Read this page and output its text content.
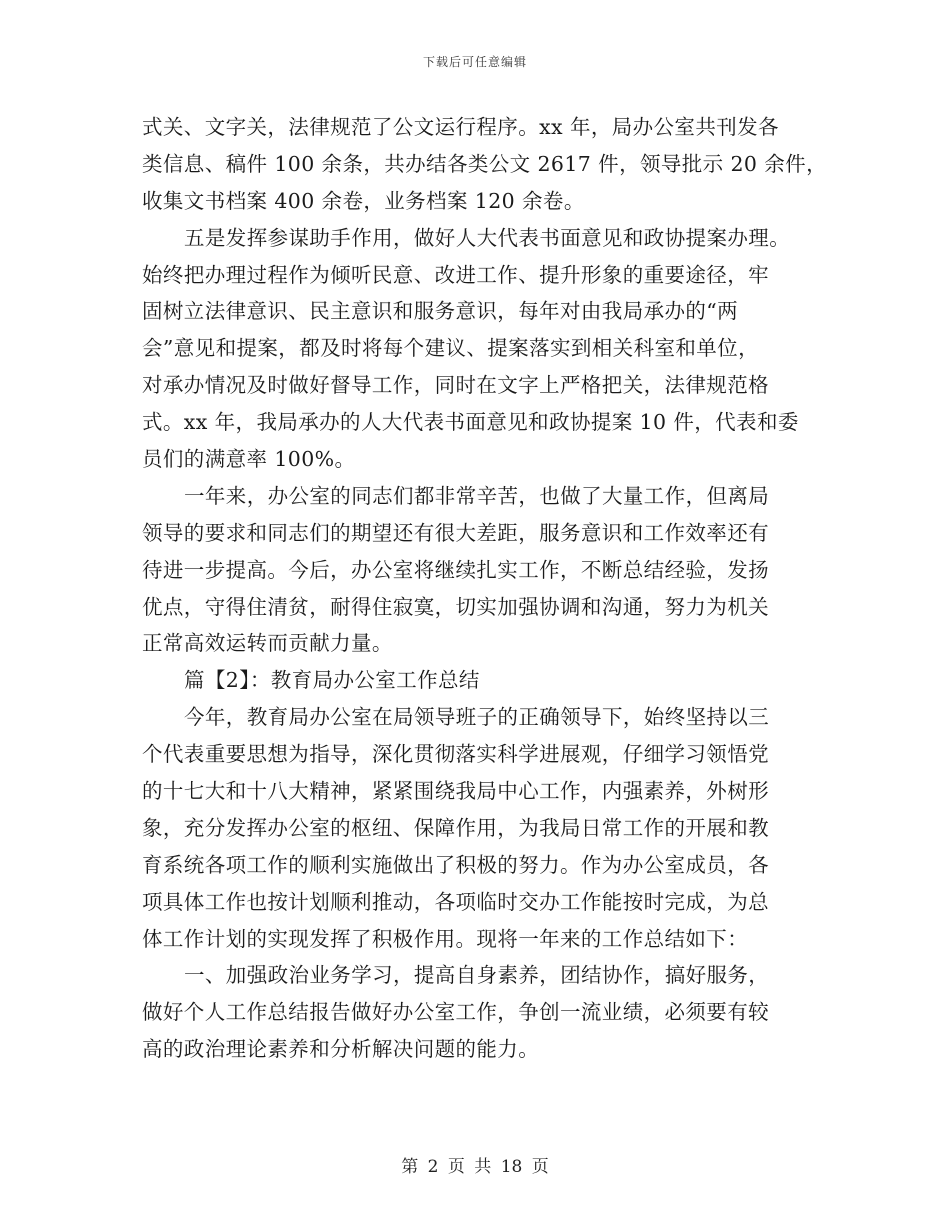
下载后可任意编辑
式关、文字关，法律规范了公文运行程序。xx 年，局办公室共刊发各
类信息、稿件 100 余条，共办结各类公文 2617 件，领导批示 20 余件，
收集文书档案 400 余卷，业务档案 120 余卷。
五是发挥参谋助手作用，做好人大代表书面意见和政协提案办理。
始终把办理过程作为倾听民意、改进工作、提升形象的重要途径，牢
固树立法律意识、民主意识和服务意识，每年对由我局承办的“两
会”意见和提案，都及时将每个建议、提案落实到相关科室和单位，
对承办情况及时做好督导工作，同时在文字上严格把关，法律规范格
式。xx 年，我局承办的人大代表书面意见和政协提案 10 件，代表和委
员们的满意率 100%。
一年来，办公室的同志们都非常辛苦，也做了大量工作，但离局
领导的要求和同志们的期望还有很大差距，服务意识和工作效率还有
待进一步提高。今后，办公室将继续扎实工作，不断总结经验，发扬
优点，守得住清贫，耐得住寂寞，切实加强协调和沟通，努力为机关
正常高效运转而贡献力量。
篇【2】：教育局办公室工作总结
今年，教育局办公室在局领导班子的正确领导下，始终坚持以三
个代表重要思想为指导，深化贯彻落实科学进展观，仔细学习领悟党
的十七大和十八大精神，紧紧围绕我局中心工作，内强素养，外树形
象，充分发挥办公室的枢纽、保障作用，为我局日常工作的开展和教
育系统各项工作的顺利实施做出了积极的努力。作为办公室成员，各
项具体工作也按计划顺利推动，各项临时交办工作能按时完成，为总
体工作计划的实现发挥了积极作用。现将一年来的工作总结如下：
一、加强政治业务学习，提高自身素养，团结协作，搞好服务，
做好个人工作总结报告做好办公室工作，争创一流业绩，必须要有较
高的政治理论素养和分析解决问题的能力。
第 2 页 共 18 页
